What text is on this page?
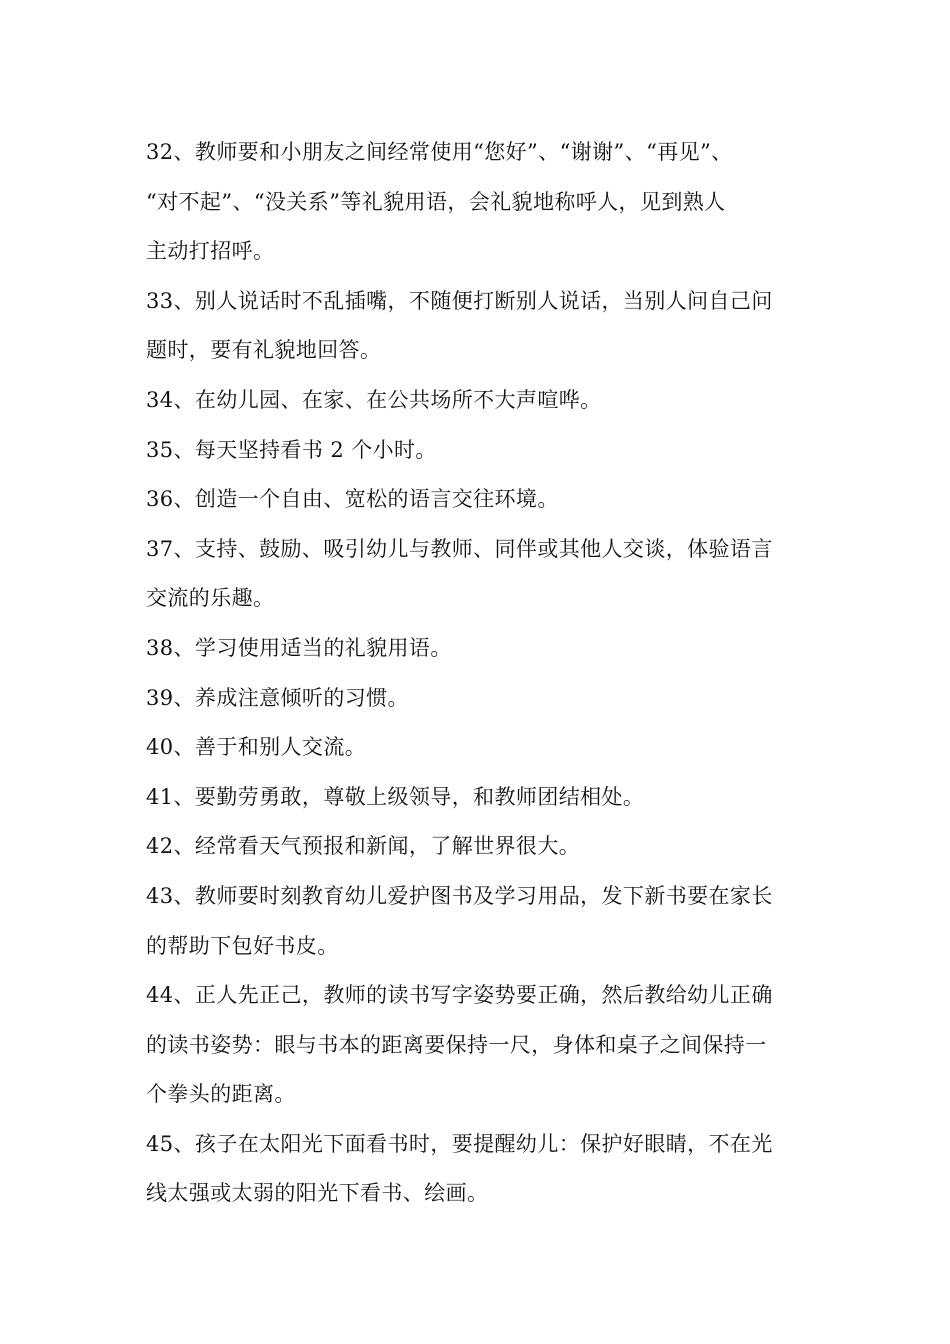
32、教师要和小朋友之间经常使用“您好”、“谢谢”、“再见”、
“对不起”、“没关系”等礼貌用语，会礼貌地称呼人，见到熟人
主动打招呼。
33、别人说话时不乱插嘴，不随便打断别人说话，当别人问自己问
题时，要有礼貌地回答。
34、在幼儿园、在家、在公共场所不大声喧哗。
35、每天坚持看书 2 个小时。
36、创造一个自由、宽松的语言交往环境。
37、支持、鼓励、吸引幼儿与教师、同伴或其他人交谈，体验语言
交流的乐趣。
38、学习使用适当的礼貌用语。
39、养成注意倾听的习惯。
40、善于和别人交流。
41、要勤劳勇敢，尊敬上级领导，和教师团结相处。
42、经常看天气预报和新闻，了解世界很大。
43、教师要时刻教育幼儿爱护图书及学习用品，发下新书要在家长
的帮助下包好书皮。
44、正人先正己，教师的读书写字姿势要正确，然后教给幼儿正确
的读书姿势：眼与书本的距离要保持一尺，身体和桌子之间保持一
个拳头的距离。
45、孩子在太阳光下面看书时，要提醒幼儿：保护好眼睛，不在光
线太强或太弱的阳光下看书、绘画。
